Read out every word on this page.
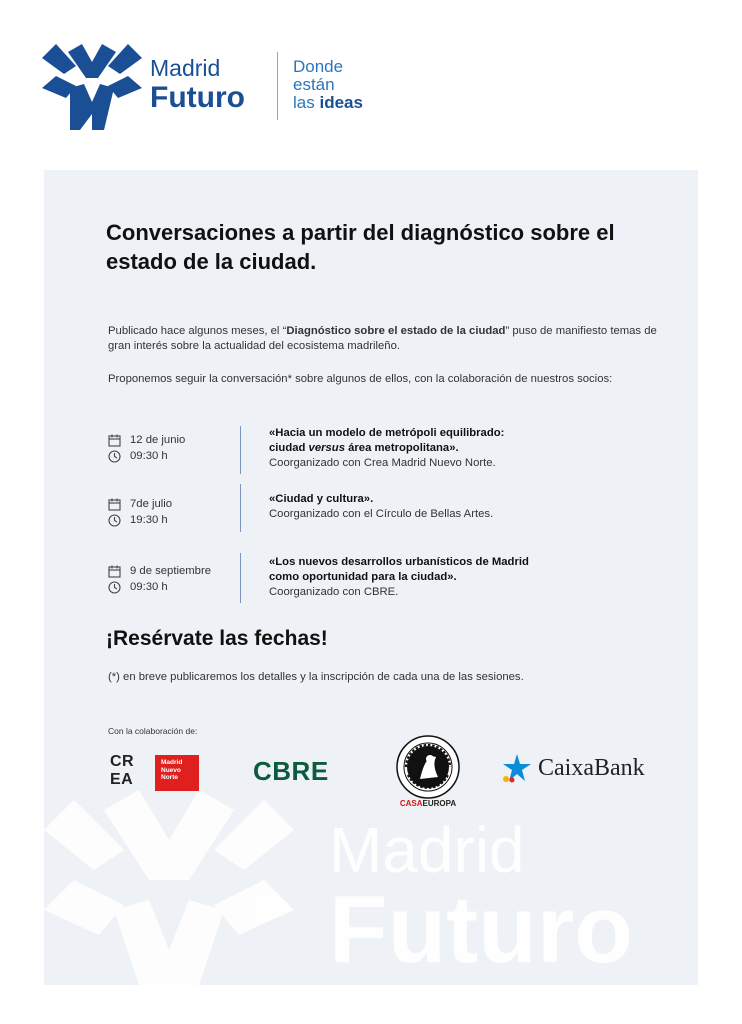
Madrid
Futuro
Donde
están
las ideas
Madrid
Futuro
Conversaciones a partir del diagnóstico sobre el estado de la ciudad.
Publicado hace algunos meses, el “Diagnóstico sobre el estado de la ciudad” puso de manifiesto temas de gran interés sobre la actualidad del ecosistema madrileño.
Proponemos seguir la conversación* sobre algunos de ellos, con la colaboración de nuestros socios:
12 de junio
09:30 h
«Hacia un modelo de metrópoli equilibrado:
ciudad versus área metropolitana».
Coorganizado con Crea Madrid Nuevo Norte.
7de julio
19:30 h
«Ciudad y cultura».
Coorganizado con el Círculo de Bellas Artes.
9 de septiembre
09:30 h
«Los nuevos desarrollos urbanísticos de Madrid
como oportunidad para la ciudad».
Coorganizado con CBRE.
¡Resérvate las fechas!
(*) en breve publicaremos los detalles y la inscripción de cada una de las sesiones.
Con la colaboración de:
CR
EA
Madrid
Nuevo
Norte	CBRE
CASAEUROPA
CaixaBank
